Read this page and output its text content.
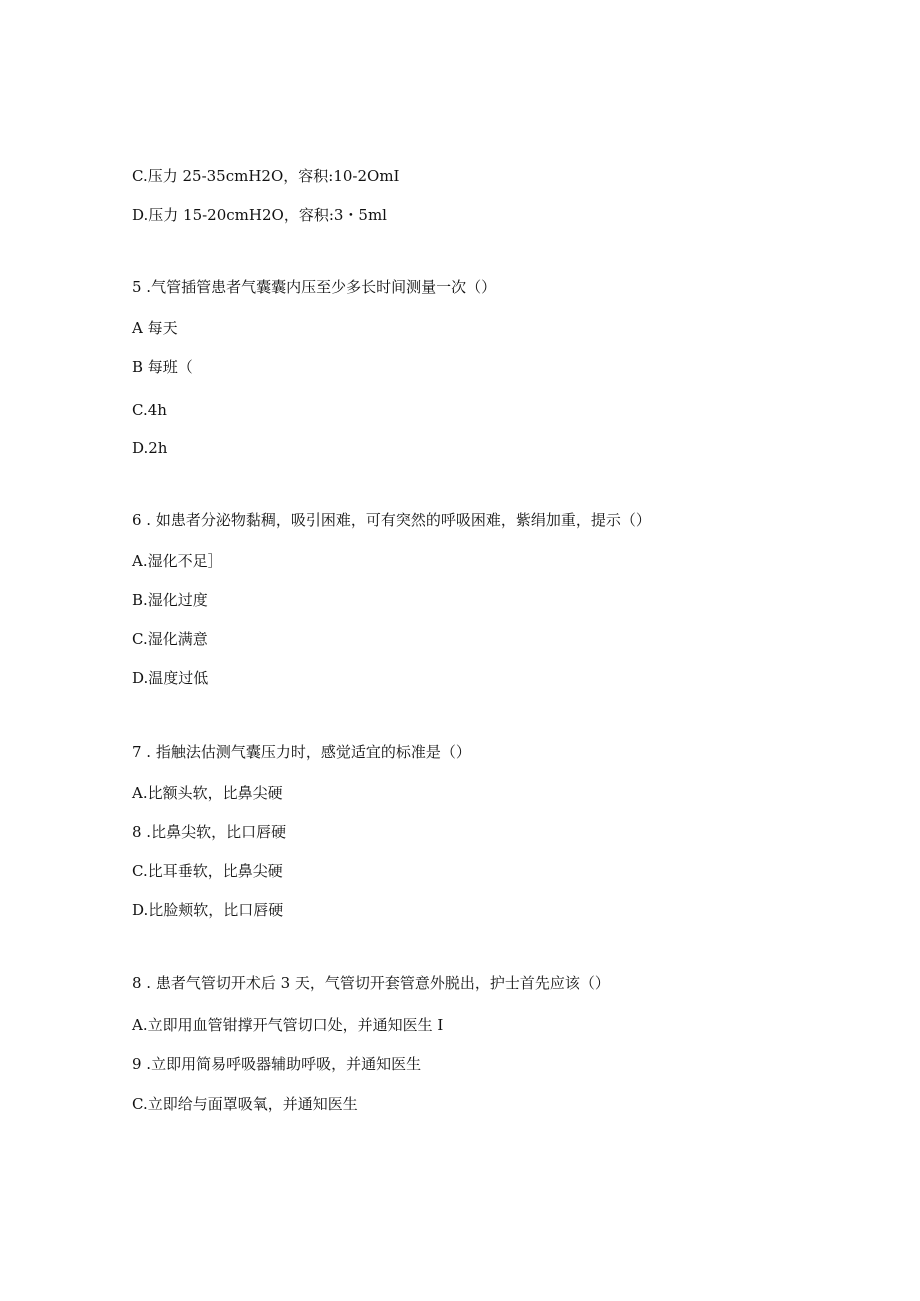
C.压力 25-35cmH2O，容积:10-2OmI
D.压力 15-20cmH2O，容积:3・5ml
5 .气管插管患者气囊囊内压至少多长时间测量一次（）
A 每天
B 每班（
C.4h
D.2h
6 . 如患者分泌物黏稠，吸引困难，可有突然的呼吸困难，紫绢加重，提示（）
A.湿化不足］
B.湿化过度
C.湿化满意
D.温度过低
7 . 指触法估测气囊压力时，感觉适宜的标准是（）
A.比额头软，比鼻尖硬
8 .比鼻尖软，比口唇硬
C.比耳垂软，比鼻尖硬
D.比脸颊软，比口唇硬
8 . 患者气管切开术后 3 天，气管切开套管意外脱出，护士首先应该（）
A.立即用血管钳撑开气管切口处，并通知医生 I
9 .立即用简易呼吸器辅助呼吸，并通知医生
C.立即给与面罩吸氧，并通知医生
